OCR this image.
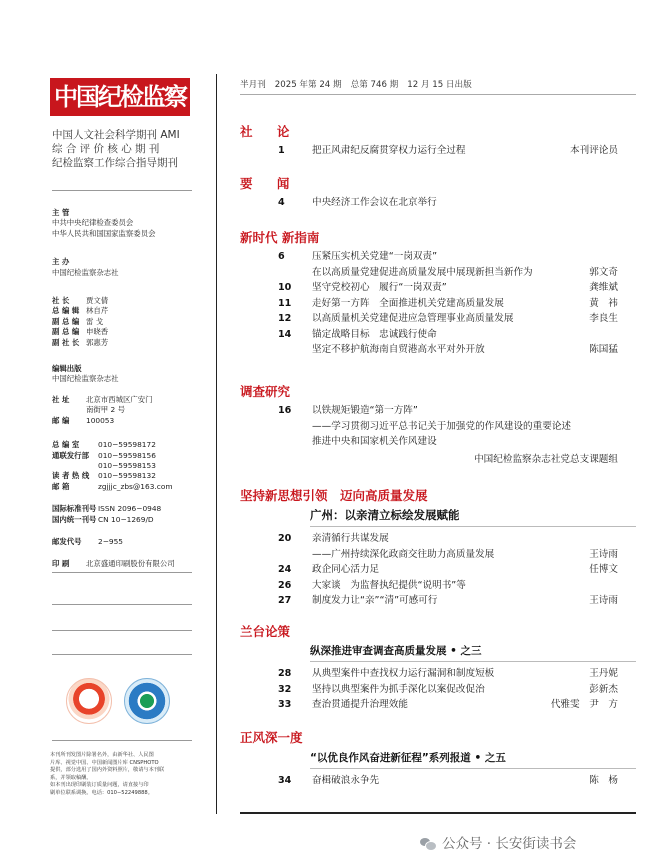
中国纪检监察
中国人文社会科学期刊 AMI
综 合 评 价 核 心 期 刊
纪检监察工作综合指导期刊
主 管
中共中央纪律检查委员会
中华人民共和国国家监察委员会
主 办
中国纪检监察杂志社
社 长 贾文倩
总 编 辑 林自芹
副 总 编 雷 戈
副 总 编 申晓香
副 社 长 郭惠芳
编辑出版
中国纪检监察杂志社
社 址 北京市西城区广安门
南街甲 2 号
邮 编 100053
总 编 室	010−59598172
通联发行部 010−59598156
010−59598153
读 者 热 线 010−59598132
邮 箱	zgjjjc_zbs@163.com
国际标准刊号 ISSN 2096−0948
国内统一刊号 CN 10−1269/D
邮发代号 2−955
印 刷 北京盛通印刷股份有限公司
本刊所刊发图片除署名外，由新华社、人民图
片库、视觉中国、中国新闻图片库 CNSPHOTO
提供，部分选用了国内外资料照片，敬请与本刊联
系，并领取稿酬。
如本刊出现印刷装订质量问题，请直接与印
刷单位联系调换。电话：010−52249888。
半月刊 2025 年第 24 期 总第 746 期 12 月 15 日出版
社 论
1	把正风肃纪反腐贯穿权力运行全过程	本刊评论员
要 闻
4	中央经济工作会议在北京举行
新时代 新指南
6	压紧压实机关党建“一岗双责”
在以高质量党建促进高质量发展中展现新担当新作为	郭文奇
10 坚守党校初心　履行“一岗双责”	龚维斌
11 走好第一方阵　全面推进机关党建高质量发展	黄　祎
12 以高质量机关党建促进应急管理事业高质量发展	李良生
14 锚定战略目标　忠诚践行使命
坚定不移护航海南自贸港高水平对外开放	陈国猛
调查研究
16 以铁规矩锻造“第一方阵”
——学习贯彻习近平总书记关于加强党的作风建设的重要论述
推进中央和国家机关作风建设
中国纪检监察杂志社党总支课题组
坚持新思想引领　迈向高质量发展
广州：以亲清立标绘发展赋能
20 亲清循行共谋发展
——广州持续深化政商交往助力高质量发展	王诗雨
24 政企同心活力足	任博文
26 大家谈　为监督执纪提供“说明书”等
27 制度发力让“亲”“清”可感可行	王诗雨
兰台论策
纵深推进审查调查高质量发展 • 之三
28 从典型案件中查找权力运行漏洞和制度短板	王丹妮
32 坚持以典型案件为抓手深化以案促改促治	彭新杰
33 查治贯通提升治理效能	代雅雯　尹　方
正风深一度
“以优良作风奋进新征程”系列报道 • 之五
34 奋楫破浪永争先	陈　杨
公众号 · 长安街读书会
